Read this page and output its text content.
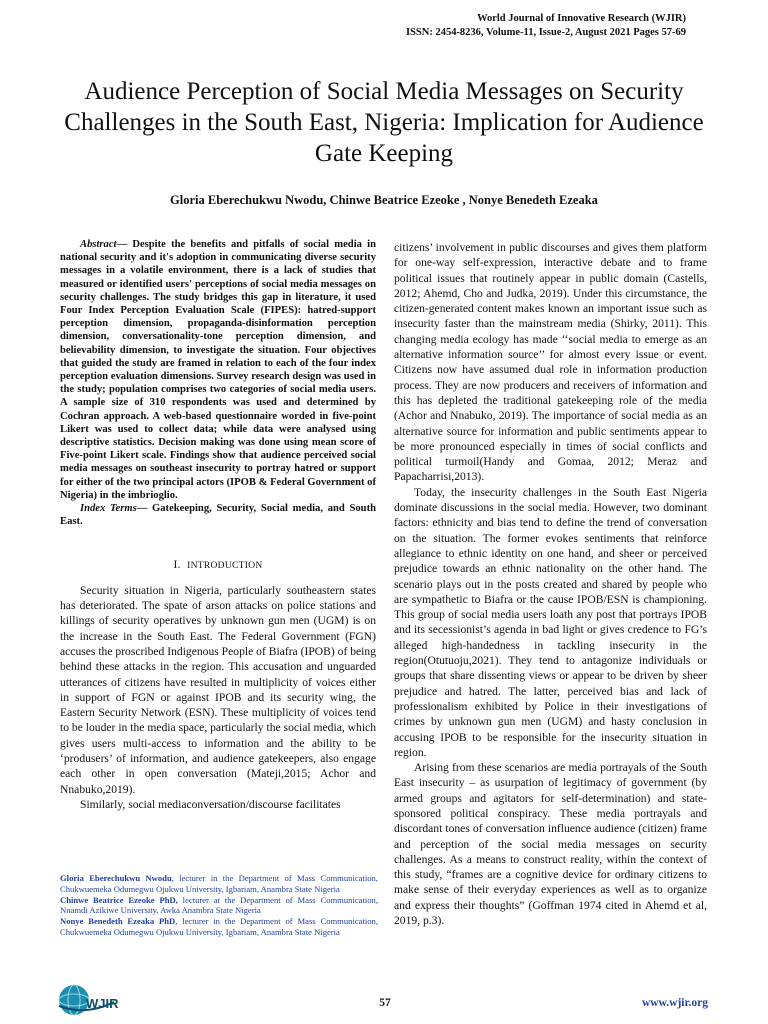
World Journal of Innovative Research (WJIR)
ISSN: 2454-8236, Volume-11, Issue-2, August 2021 Pages 57-69
Audience Perception of Social Media Messages on Security Challenges in the South East, Nigeria: Implication for Audience Gate Keeping
Gloria Eberechukwu Nwodu, Chinwe Beatrice Ezeoke , Nonye Benedeth Ezeaka

Abstract— Despite the benefits and pitfalls of social media in national security and it's adoption in communicating diverse security messages in a volatile environment, there is a lack of studies that measured or identified users' perceptions of social media messages on security challenges. The study bridges this gap in literature, it used Four Index Perception Evaluation Scale (FIPES): hatred-support perception dimension, propaganda-disinformation perception dimension, conversationality-tone perception dimension, and believability dimension, to investigate the situation. Four objectives that guided the study are framed in relation to each of the four index perception evaluation dimensions. Survey research design was used in the study; population comprises two categories of social media users. A sample size of 310 respondents was used and determined by Cochran approach. A web-based questionnaire worded in five-point Likert was used to collect data; while data were analysed using descriptive statistics. Decision making was done using mean score of Five-point Likert scale. Findings show that audience perceived social media messages on southeast insecurity to portray hatred or support for either of the two principal actors (IPOB & Federal Government of Nigeria) in the imbrioglio.

Index Terms— Gatekeeping, Security, Social media, and South East.

I. INTRODUCTION

Security situation in Nigeria, particularly southeastern states has deteriorated. The spate of arson attacks on police stations and killings of security operatives by unknown gun men (UGM) is on the increase in the South East. The Federal Government (FGN) accuses the proscribed Indigenous People of Biafra (IPOB) of being behind these attacks in the region. This accusation and unguarded utterances of citizens have resulted in multiplicity of voices either in support of FGN or against IPOB and its security wing, the Eastern Security Network (ESN). These multiplicity of voices tend to be louder in the media space, particularly the social media, which gives users multi-access to information and the ability to be ‘produsers’ of information, and audience gatekeepers, also engage each other in open conversation (Mateji,2015; Achor and Nnabuko,2019).

Similarly, social mediaconversation/discourse facilitates

Gloria Eberechukwu Nwodu, lecturer in the Department of Mass Communication, Chukwuemeka Odumegwu Ojukwu University, Igbariam, Anambra State Nigeria

Chinwe Beatrice Ezeoke PhD, lecturer at the Department of Mass Communication, Nnamdi Azikiwe University, Awka Anambra State Nigeria

Nonye Benedeth Ezeaka PhD, lecturer in the Department of Mass Communication, Chukwuemeka Odumegwu Ojukwu University, Igbariam, Anambra State Nigeria

citizens’ involvement in public discourses and gives them platform for one-way self-expression, interactive debate and to frame political issues that routinely appear in public domain (Castells, 2012; Ahemd, Cho and Judka, 2019). Under this circumstance, the citizen-generated content makes known an important issue such as insecurity faster than the mainstream media (Shirky, 2011). This changing media ecology has made ‘‘social media to emerge as an alternative information source’’ for almost every issue or event. Citizens now have assumed dual role in information production process. They are now producers and receivers of information and this has depleted the traditional gatekeeping role of the media (Achor and Nnabuko, 2019). The importance of social media as an alternative source for information and public sentiments appear to be more pronounced especially in times of social conflicts and political turmoil(Handy and Gomaa, 2012; Meraz and Papacharrisi,2013).

Today, the insecurity challenges in the South East Nigeria dominate discussions in the social media. However, two dominant factors: ethnicity and bias tend to define the trend of conversation on the situation. The former evokes sentiments that reinforce allegiance to ethnic identity on one hand, and sheer or perceived prejudice towards an ethnic nationality on the other hand. The scenario plays out in the posts created and shared by people who are sympathetic to Biafra or the cause IPOB/ESN is championing. This group of social media users loath any post that portrays IPOB and its secessionist’s agenda in bad light or gives credence to FG’s alleged high-handedness in tackling insecurity in the region(Otutuoju,2021). They tend to antagonize individuals or groups that share dissenting views or appear to be driven by sheer prejudice and hatred. The latter, perceived bias and lack of professionalism exhibited by Police in their investigations of crimes by unknown gun men (UGM) and hasty conclusion in accusing IPOB to be responsible for the insecurity situation in region.

Arising from these scenarios are media portrayals of the South East insecurity – as usurpation of legitimacy of government (by armed groups and agitators for self-determination) and state-sponsored political conspiracy. These media portrayals and discordant tones of conversation influence audience (citizen) frame and perception of the social media messages on security challenges. As a means to construct reality, within the context of this study, “frames are a cognitive device for ordinary citizens to make sense of their everyday experiences as well as to organize and express their thoughts” (Goffman 1974 cited in Ahemd et al, 2019, p.3).

WJIR	57	www.wjir.org
